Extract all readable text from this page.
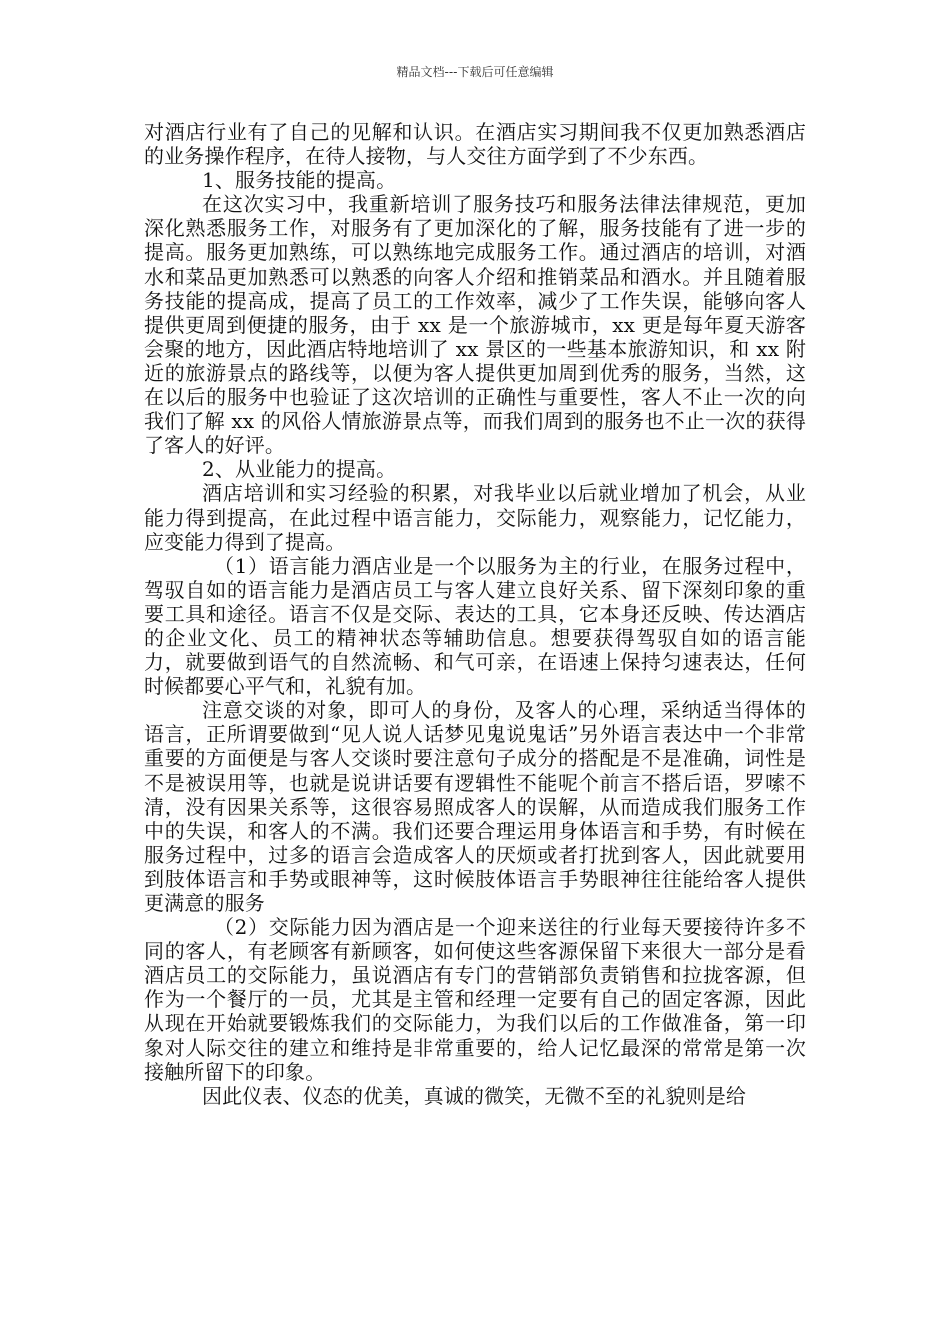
精品文档---下载后可任意编辑

对酒店行业有了自己的见解和认识。在酒店实习期间我不仅更加熟悉酒店的业务操作程序，在待人接物，与人交往方面学到了不少东西。

1、服务技能的提高。

在这次实习中，我重新培训了服务技巧和服务法律法律规范，更加深化熟悉服务工作，对服务有了更加深化的了解，服务技能有了进一步的提高。服务更加熟练，可以熟练地完成服务工作。通过酒店的培训，对酒水和菜品更加熟悉可以熟悉的向客人介绍和推销菜品和酒水。并且随着服务技能的提高成，提高了员工的工作效率，减少了工作失误，能够向客人提供更周到便捷的服务，由于 xx 是一个旅游城市，xx 更是每年夏天游客会聚的地方，因此酒店特地培训了 xx 景区的一些基本旅游知识，和 xx 附近的旅游景点的路线等，以便为客人提供更加周到优秀的服务，当然，这在以后的服务中也验证了这次培训的正确性与重要性，客人不止一次的向我们了解 xx 的风俗人情旅游景点等，而我们周到的服务也不止一次的获得了客人的好评。

2、从业能力的提高。

酒店培训和实习经验的积累，对我毕业以后就业增加了机会，从业能力得到提高，在此过程中语言能力，交际能力，观察能力，记忆能力，应变能力得到了提高。

（1）语言能力酒店业是一个以服务为主的行业，在服务过程中，驾驭自如的语言能力是酒店员工与客人建立良好关系、留下深刻印象的重要工具和途径。语言不仅是交际、表达的工具，它本身还反映、传达酒店的企业文化、员工的精神状态等辅助信息。想要获得驾驭自如的语言能力，就要做到语气的自然流畅、和气可亲，在语速上保持匀速表达，任何时候都要心平气和，礼貌有加。

注意交谈的对象，即可人的身份，及客人的心理，采纳适当得体的语言，正所谓要做到“见人说人话梦见鬼说鬼话”另外语言表达中一个非常重要的方面便是与客人交谈时要注意句子成分的搭配是不是准确，词性是不是被误用等，也就是说讲话要有逻辑性不能呢个前言不搭后语，罗嗦不清，没有因果关系等，这很容易照成客人的误解，从而造成我们服务工作中的失误，和客人的不满。我们还要合理运用身体语言和手势，有时候在服务过程中，过多的语言会造成客人的厌烦或者打扰到客人，因此就要用到肢体语言和手势或眼神等，这时候肢体语言手势眼神往往能给客人提供更满意的服务

（2）交际能力因为酒店是一个迎来送往的行业每天要接待许多不同的客人，有老顾客有新顾客，如何使这些客源保留下来很大一部分是看酒店员工的交际能力，虽说酒店有专门的营销部负责销售和拉拢客源，但作为一个餐厅的一员，尤其是主管和经理一定要有自己的固定客源，因此从现在开始就要锻炼我们的交际能力，为我们以后的工作做准备，第一印象对人际交往的建立和维持是非常重要的，给人记忆最深的常常是第一次接触所留下的印象。

因此仪表、仪态的优美，真诚的微笑，无微不至的礼貌则是给
